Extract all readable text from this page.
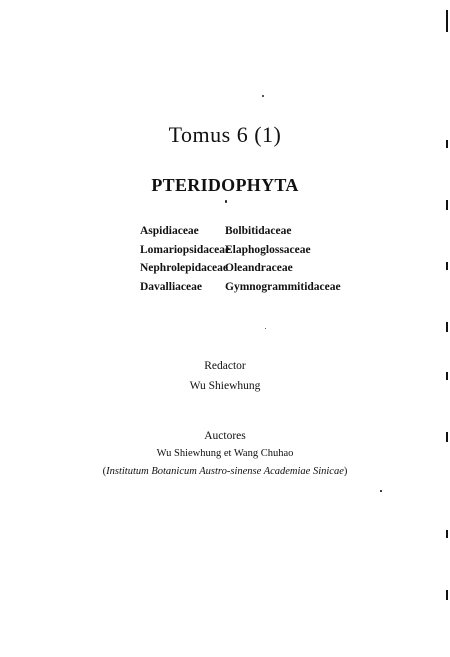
Tomus 6 (1)
PTERIDOPHYTA
Aspidiaceae	Bolbitidaceae
Lomariopsidaceae
Elaphoglossaceae
Nephrolepidaceae
Oleandraceae
Davalliaceae	Gymnogrammitidaceae
Redactor
Wu Shiewhung
Auctores
Wu Shiewhung et Wang Chuhao
(Institutum Botanicum Austro-sinense Academiae Sinicae)
